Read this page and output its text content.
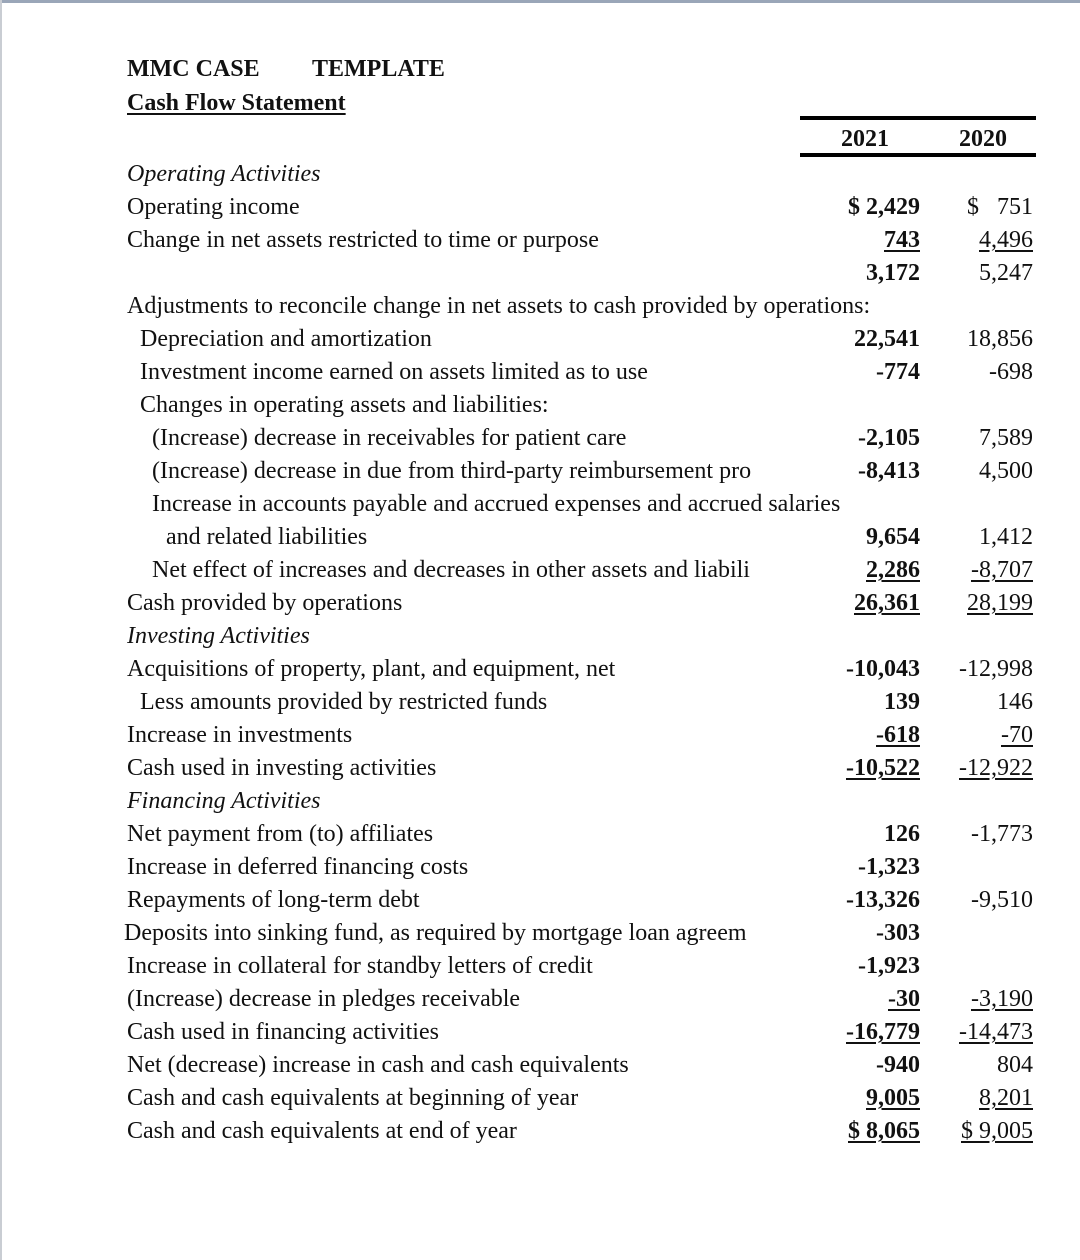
MMC CASE TEMPLATE
Cash Flow Statement
2021	2020
Operating Activities
Operating income	$ 2,429 $   751
Change in net assets restricted to time or purpose	743 4,496
3,172 5,247
Adjustments to reconcile change in net assets to cash provided by operations:
Depreciation and amortization	22,541 18,856
Investment income earned on assets limited as to use	-774	-698
Changes in operating assets and liabilities:
(Increase) decrease in receivables for patient care	-2,105 7,589
(Increase) decrease in due from third-party reimbursement pro	-8,413 4,500
Increase in accounts payable and accrued expenses and accrued salaries
and related liabilities	9,654 1,412
Net effect of increases and decreases in other assets and liabili	2,286 -8,707
Cash provided by operations	26,361 28,199
Investing Activities
Acquisitions of property, plant, and equipment, net	-10,043 -12,998
Less amounts provided by restricted funds	139	146
Increase in investments	-618	-70
Cash used in investing activities	-10,522 -12,922
Financing Activities
Net payment from (to) affiliates	126 -1,773
Increase in deferred financing costs	-1,323
Repayments of long-term debt	-13,326 -9,510
Deposits into sinking fund, as required by mortgage loan agreem	-303
Increase in collateral for standby letters of credit	-1,923
(Increase) decrease in pledges receivable	-30 -3,190
Cash used in financing activities	-16,779 -14,473
Net (decrease) increase in cash and cash equivalents	-940	804
Cash and cash equivalents at beginning of year	9,005 8,201
Cash and cash equivalents at end of year	$ 8,065 $ 9,005
